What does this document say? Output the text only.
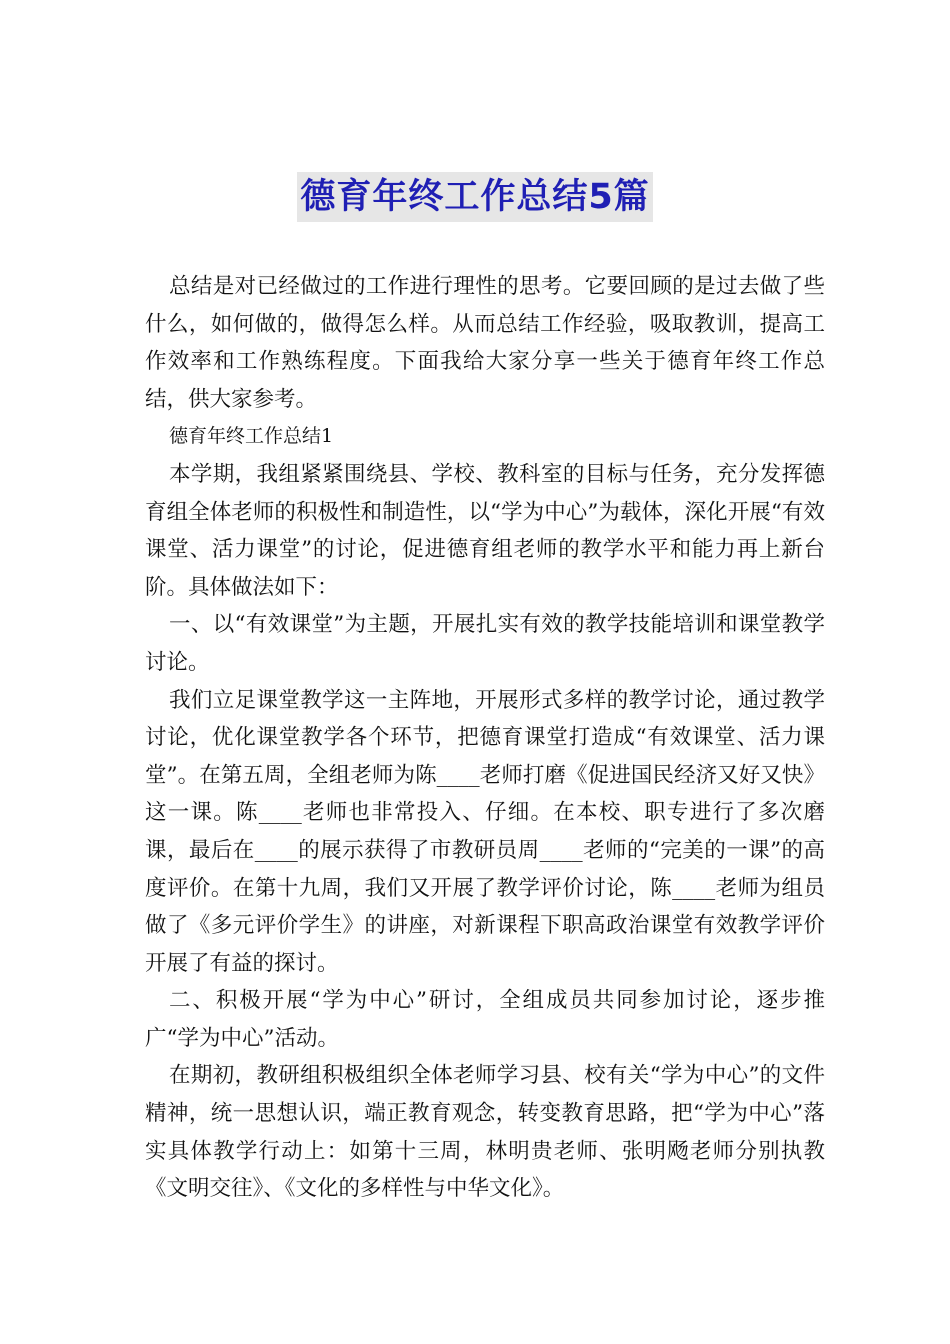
德育年终工作总结5篇

总结是对已经做过的工作进行理性的思考。它要回顾的是过去做了些什么，如何做的，做得怎么样。从而总结工作经验，吸取教训，提高工作效率和工作熟练程度。下面我给大家分享一些关于德育年终工作总结，供大家参考。

德育年终工作总结1

本学期，我组紧紧围绕县、学校、教科室的目标与任务，充分发挥德育组全体老师的积极性和制造性，以“学为中心”为载体，深化开展“有效课堂、活力课堂”的讨论，促进德育组老师的教学水平和能力再上新台阶。具体做法如下：

一、以“有效课堂”为主题，开展扎实有效的教学技能培训和课堂教学讨论。

我们立足课堂教学这一主阵地，开展形式多样的教学讨论，通过教学讨论，优化课堂教学各个环节，把德育课堂打造成“有效课堂、活力课堂”。在第五周，全组老师为陈____老师打磨《促进国民经济又好又快》这一课。陈____老师也非常投入、仔细。在本校、职专进行了多次磨课，最后在____的展示获得了市教研员周____老师的“完美的一课”的高度评价。在第十九周，我们又开展了教学评价讨论，陈____老师为组员做了《多元评价学生》的讲座，对新课程下职高政治课堂有效教学评价开展了有益的探讨。

二、积极开展“学为中心”研讨，全组成员共同参加讨论，逐步推广“学为中心”活动。

在期初，教研组积极组织全体老师学习县、校有关“学为中心”的文件精神，统一思想认识，端正教育观念，转变教育思路，把“学为中心”落实具体教学行动上：如第十三周，林明贵老师、张明飏老师分别执教《文明交往》、《文化的多样性与中华文化》。
